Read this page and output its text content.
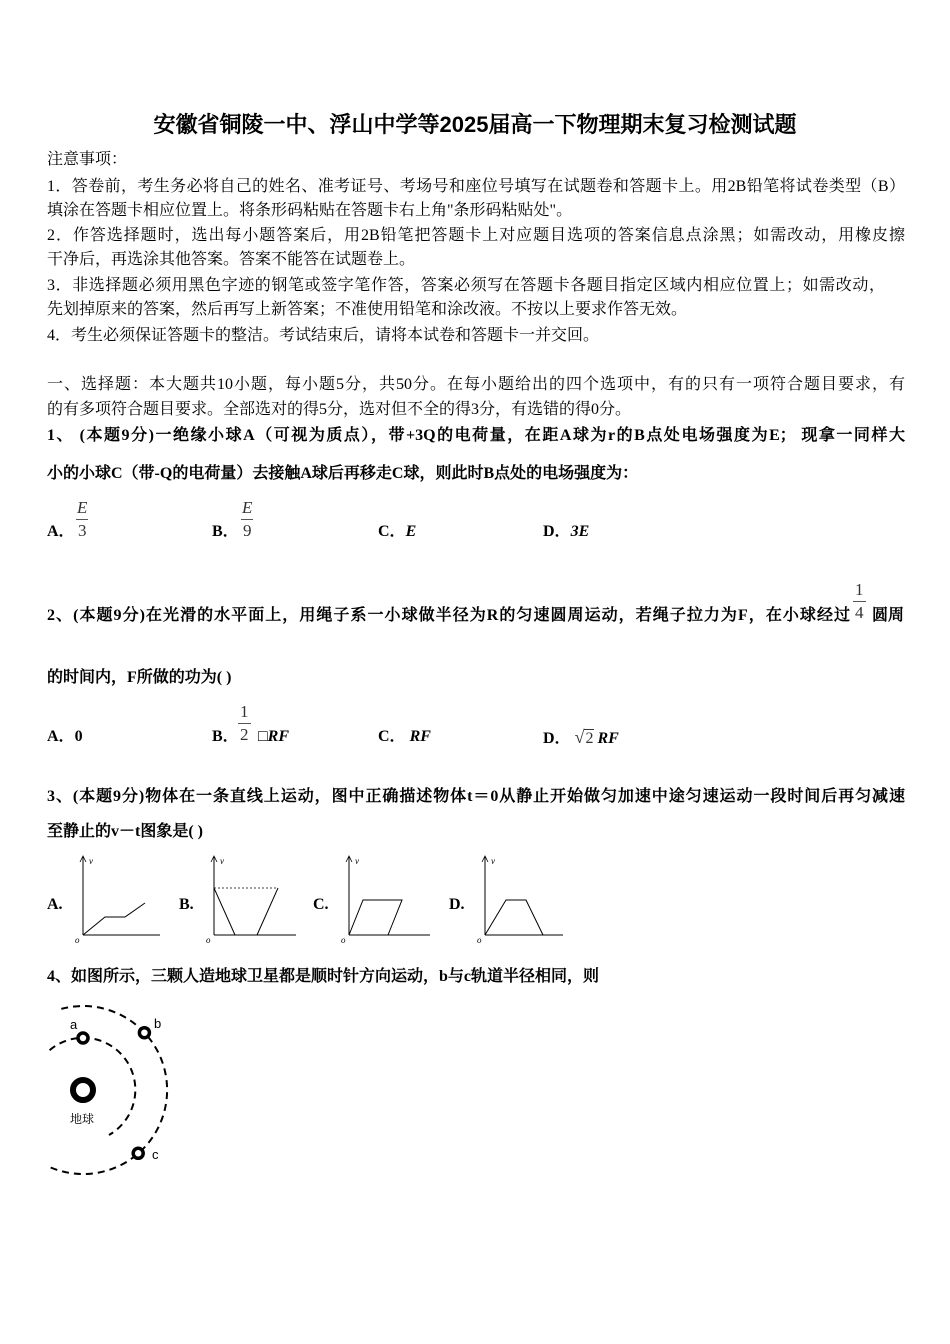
安徽省铜陵一中、浮山中学等2025届高一下物理期末复习检测试题
注意事项：
1．答卷前，考生务必将自己的姓名、准考证号、考场号和座位号填写在试题卷和答题卡上。用2B铅笔将试卷类型（B）
填涂在答题卡相应位置上。将条形码粘贴在答题卡右上角"条形码粘贴处"。
2．作答选择题时，选出每小题答案后，用2B铅笔把答题卡上对应题目选项的答案信息点涂黑；如需改动，用橡皮擦
干净后，再选涂其他答案。答案不能答在试题卷上。
3．非选择题必须用黑色字迹的钢笔或签字笔作答，答案必须写在答题卡各题目指定区域内相应位置上；如需改动，
先划掉原来的答案，然后再写上新答案；不准使用铅笔和涂改液。不按以上要求作答无效。
4．考生必须保证答题卡的整洁。考试结束后，请将本试卷和答题卡一并交回。
一、选择题：本大题共10小题，每小题5分，共50分。在每小题给出的四个选项中，有的只有一项符合题目要求，有
的有多项符合题目要求。全部选对的得5分，选对但不全的得3分，有选错的得0分。
1、 (本题9分)一绝缘小球A（可视为质点），带+3Q的电荷量，在距A球为r的B点处电场强度为E； 现拿一同样大
小的小球C（带-Q的电荷量）去接触A球后再移走C球，则此时B点处的电场强度为：
A． $\frac{E}{3}$	B． $\frac{E}{9}$	C．E	D．3E
2、(本题9分)在光滑的水平面上，用绳子系一小球做半径为R的匀速圆周运动，若绳子拉力为F，在小球经过 $\frac{1}{4}$ 圆周
的时间内，F所做的功为( )
A．0	B． $\frac{1}{2}$ □RF	C． RF	D． √2 RF
3、(本题9分)物体在一条直线上运动，图中正确描述物体t＝0从静止开始做匀加速中途匀速运动一段时间后再匀减速
至静止的v－t图象是( )
A.
v
o
B.
v
o
C.
v
o
D.
v
o
4、如图所示，三颗人造地球卫星都是顺时针方向运动，b与c轨道半径相同，则
a	b
c
地球
